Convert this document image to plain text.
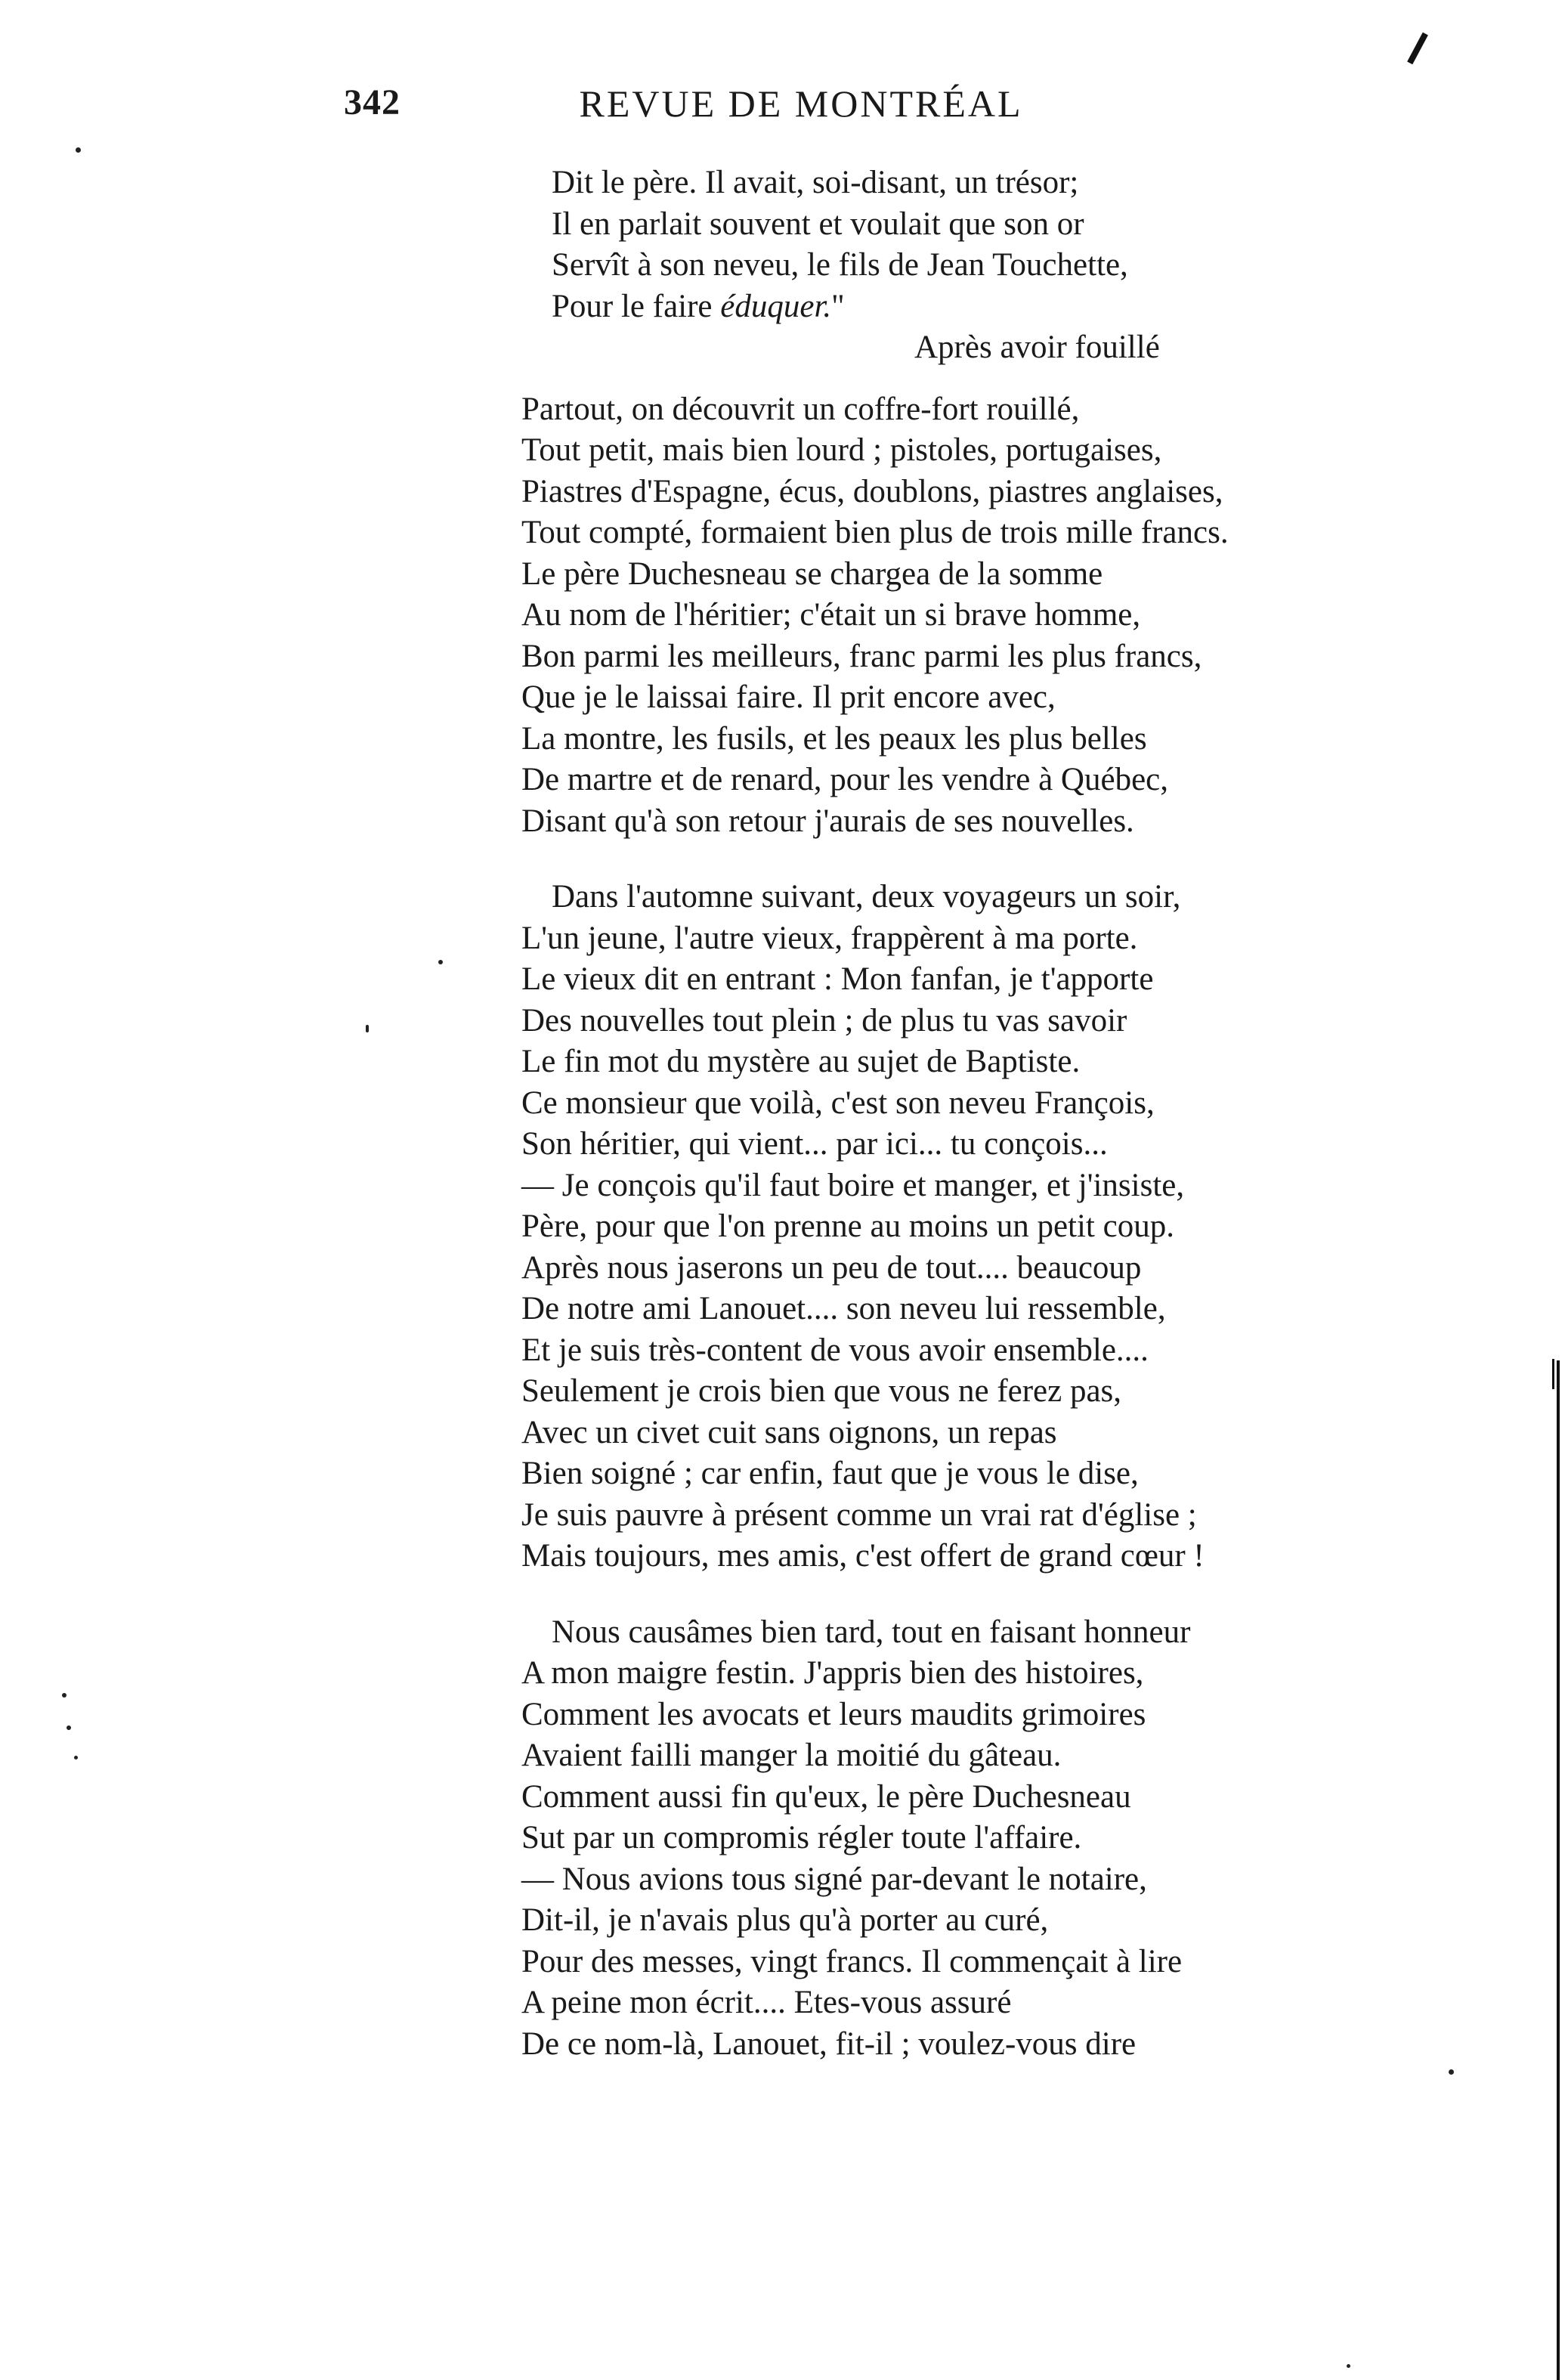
342	REVUE DE MONTRÉAL
Dit le père. Il avait, soi-disant, un trésor;
Il en parlait souvent et voulait que son or
Servît à son neveu, le fils de Jean Touchette,
Pour le faire éduquer."
Après avoir fouillé
Partout, on découvrit un coffre-fort rouillé,
Tout petit, mais bien lourd ; pistoles, portugaises,
Piastres d'Espagne, écus, doublons, piastres anglaises,
Tout compté, formaient bien plus de trois mille francs.
Le père Duchesneau se chargea de la somme
Au nom de l'héritier; c'était un si brave homme,
Bon parmi les meilleurs, franc parmi les plus francs,
Que je le laissai faire. Il prit encore avec,
La montre, les fusils, et les peaux les plus belles
De martre et de renard, pour les vendre à Québec,
Disant qu'à son retour j'aurais de ses nouvelles.
Dans l'automne suivant, deux voyageurs un soir,
L'un jeune, l'autre vieux, frappèrent à ma porte.
Le vieux dit en entrant : Mon fanfan, je t'apporte
Des nouvelles tout plein ; de plus tu vas savoir
Le fin mot du mystère au sujet de Baptiste.
Ce monsieur que voilà, c'est son neveu François,
Son héritier, qui vient... par ici... tu conçois...
— Je conçois qu'il faut boire et manger, et j'insiste,
Père, pour que l'on prenne au moins un petit coup.
Après nous jaserons un peu de tout.... beaucoup
De notre ami Lanouet.... son neveu lui ressemble,
Et je suis très-content de vous avoir ensemble....
Seulement je crois bien que vous ne ferez pas,
Avec un civet cuit sans oignons, un repas
Bien soigné ; car enfin, faut que je vous le dise,
Je suis pauvre à présent comme un vrai rat d'église ;
Mais toujours, mes amis, c'est offert de grand cœur !
Nous causâmes bien tard, tout en faisant honneur
A mon maigre festin. J'appris bien des histoires,
Comment les avocats et leurs maudits grimoires
Avaient failli manger la moitié du gâteau.
Comment aussi fin qu'eux, le père Duchesneau
Sut par un compromis régler toute l'affaire.
— Nous avions tous signé par-devant le notaire,
Dit-il, je n'avais plus qu'à porter au curé,
Pour des messes, vingt francs. Il commençait à lire
A peine mon écrit.... Etes-vous assuré
De ce nom-là, Lanouet, fit-il ; voulez-vous dire
